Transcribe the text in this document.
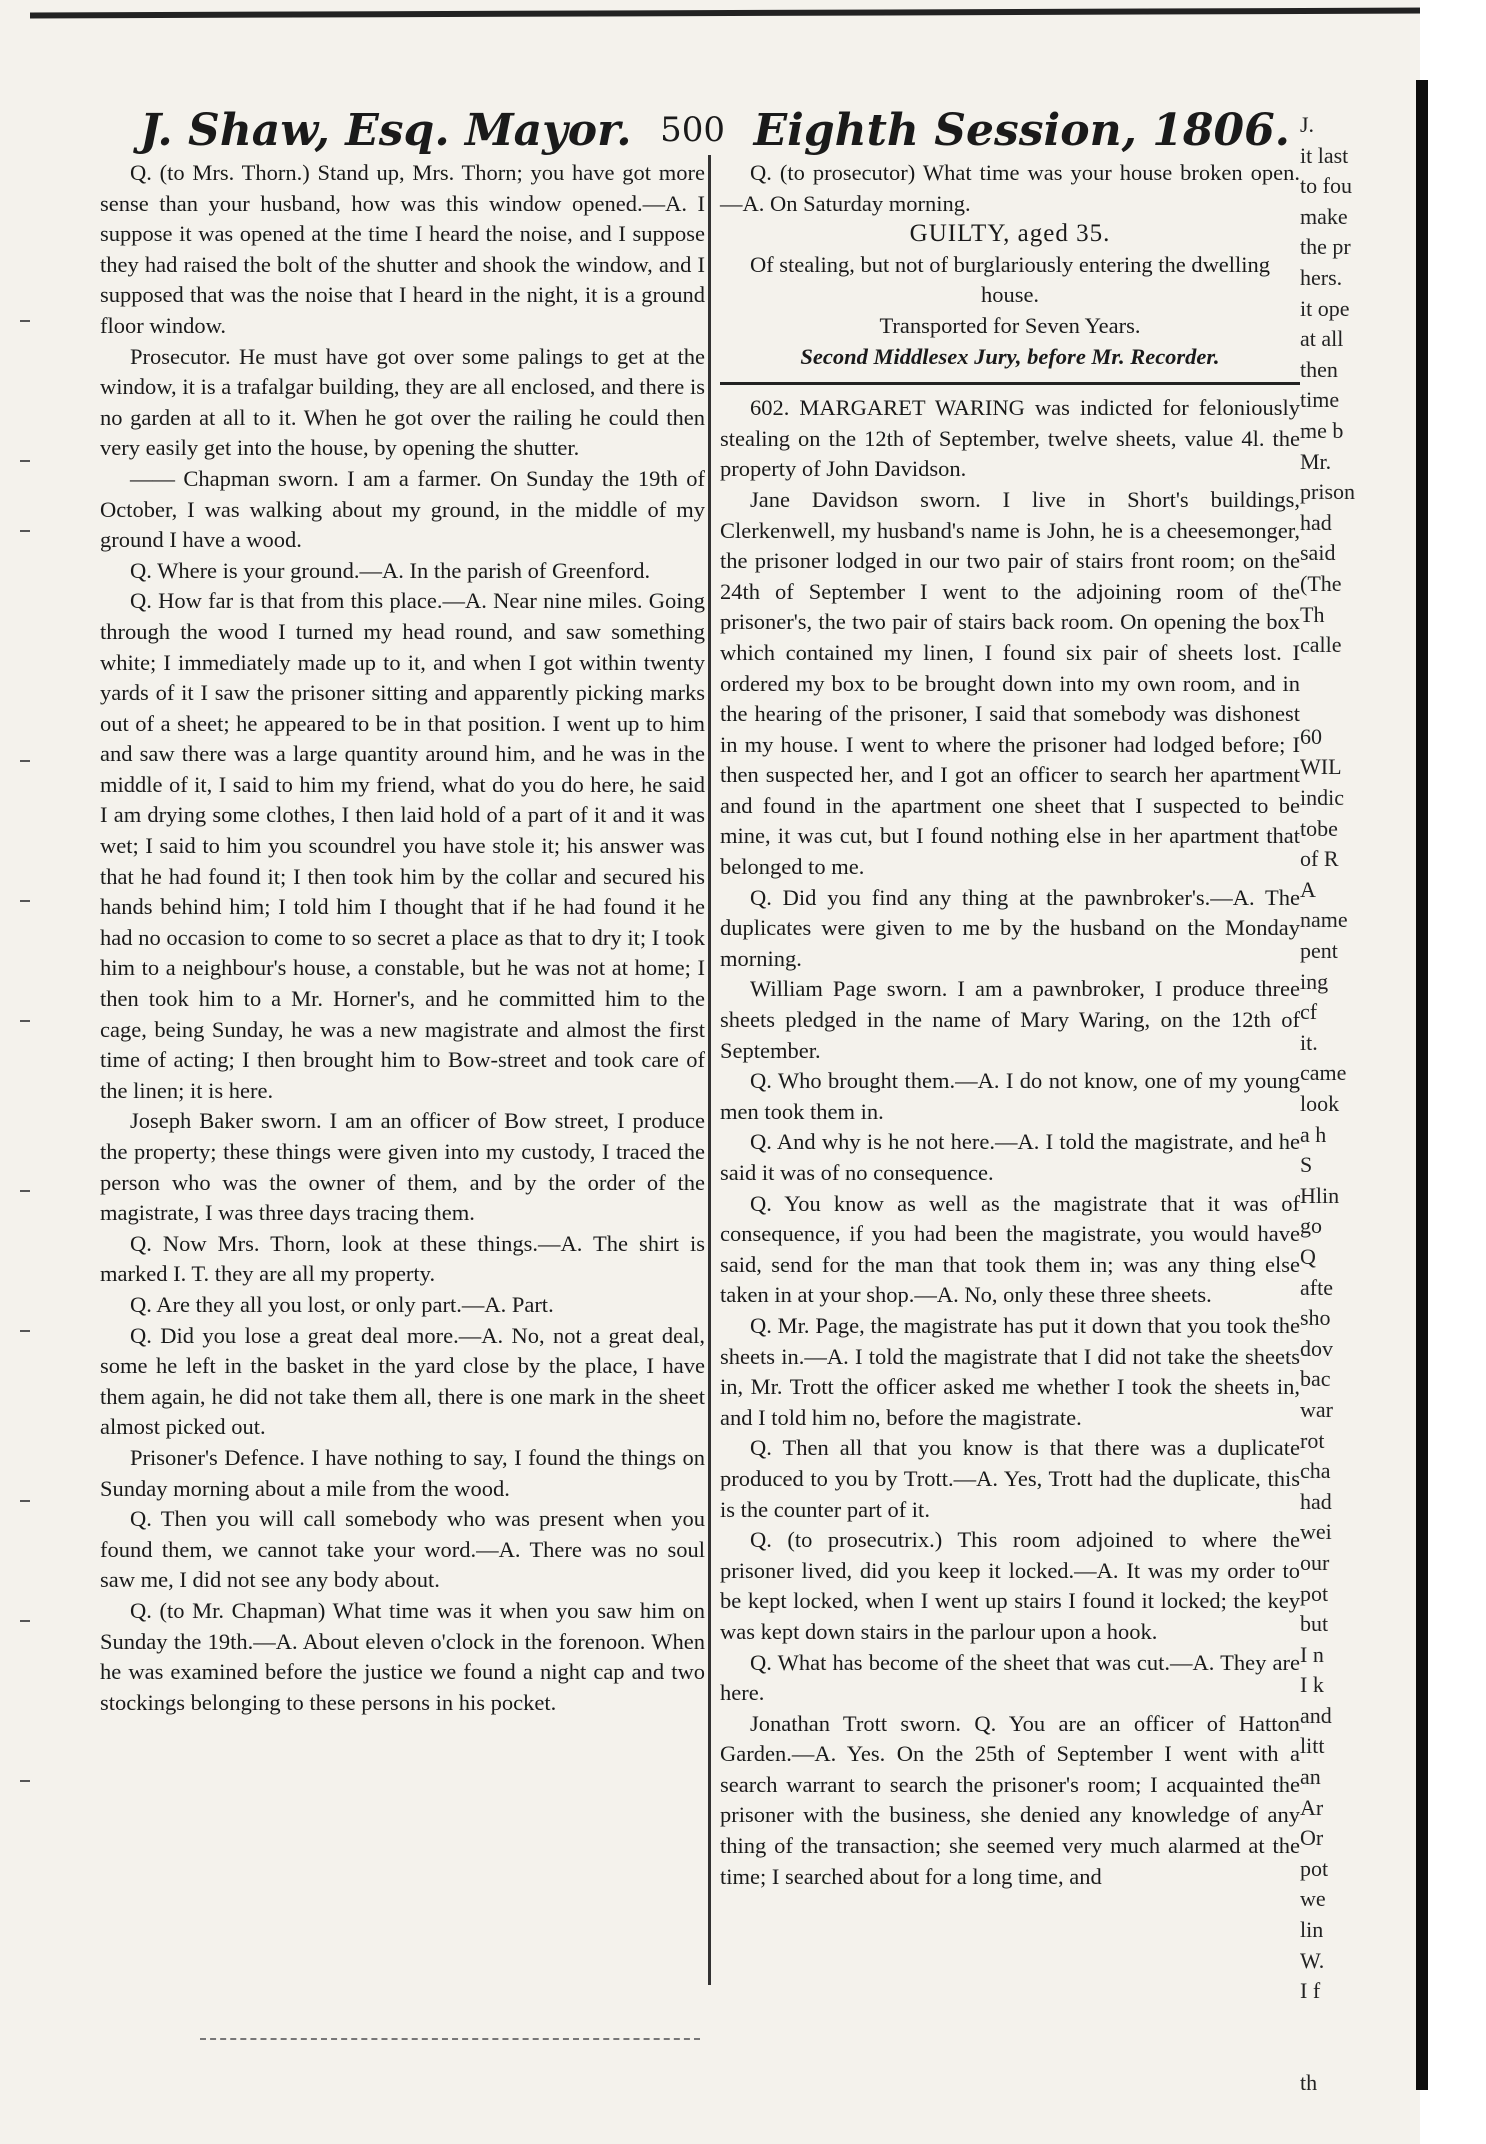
J. Shaw, Esq. Mayor. 500 Eighth Session, 1806.

Q. (to Mrs. Thorn.) Stand up, Mrs. Thorn; you have got more sense than your husband, how was this window opened.—A. I suppose it was opened at the time I heard the noise, and I suppose they had raised the bolt of the shutter and shook the window, and I supposed that was the noise that I heard in the night, it is a ground floor window.

Prosecutor. He must have got over some palings to get at the window, it is a trafalgar building, they are all enclosed, and there is no garden at all to it. When he got over the railing he could then very easily get into the house, by opening the shutter.

—— Chapman sworn. I am a farmer. On Sunday the 19th of October, I was walking about my ground, in the middle of my ground I have a wood.

Q. Where is your ground.—A. In the parish of Greenford.

Q. How far is that from this place.—A. Near nine miles. Going through the wood I turned my head round, and saw something white; I immediately made up to it, and when I got within twenty yards of it I saw the prisoner sitting and apparently picking marks out of a sheet; he appeared to be in that position. I went up to him and saw there was a large quantity around him, and he was in the middle of it, I said to him my friend, what do you do here, he said I am drying some clothes, I then laid hold of a part of it and it was wet; I said to him you scoundrel you have stole it; his answer was that he had found it; I then took him by the collar and secured his hands behind him; I told him I thought that if he had found it he had no occasion to come to so secret a place as that to dry it; I took him to a neighbour's house, a constable, but he was not at home; I then took him to a Mr. Horner's, and he committed him to the cage, being Sunday, he was a new magistrate and almost the first time of acting; I then brought him to Bow-street and took care of the linen; it is here.

Joseph Baker sworn. I am an officer of Bow street, I produce the property; these things were given into my custody, I traced the person who was the owner of them, and by the order of the magistrate, I was three days tracing them.

Q. Now Mrs. Thorn, look at these things.—A. The shirt is marked I. T. they are all my property.

Q. Are they all you lost, or only part.—A. Part.

Q. Did you lose a great deal more.—A. No, not a great deal, some he left in the basket in the yard close by the place, I have them again, he did not take them all, there is one mark in the sheet almost picked out.

Prisoner's Defence. I have nothing to say, I found the things on Sunday morning about a mile from the wood.

Q. Then you will call somebody who was present when you found them, we cannot take your word.—A. There was no soul saw me, I did not see any body about.

Q. (to Mr. Chapman) What time was it when you saw him on Sunday the 19th.—A. About eleven o'clock in the forenoon. When he was examined before the justice we found a night cap and two stockings belonging to these persons in his pocket.

Q. (to prosecutor) What time was your house broken open.—A. On Saturday morning.

GUILTY, aged 35.

Of stealing, but not of burglariously entering the dwelling house.

Transported for Seven Years.

Second Middlesex Jury, before Mr. Recorder.

602. MARGARET WARING was indicted for feloniously stealing on the 12th of September, twelve sheets, value 4l. the property of John Davidson.

Jane Davidson sworn. I live in Short's buildings, Clerkenwell, my husband's name is John, he is a cheesemonger, the prisoner lodged in our two pair of stairs front room; on the 24th of September I went to the adjoining room of the prisoner's, the two pair of stairs back room. On opening the box which contained my linen, I found six pair of sheets lost. I ordered my box to be brought down into my own room, and in the hearing of the prisoner, I said that somebody was dishonest in my house. I went to where the prisoner had lodged before; I then suspected her, and I got an officer to search her apartment and found in the apartment one sheet that I suspected to be mine, it was cut, but I found nothing else in her apartment that belonged to me.

Q. Did you find any thing at the pawnbroker's.—A. The duplicates were given to me by the husband on the Monday morning.

William Page sworn. I am a pawnbroker, I produce three sheets pledged in the name of Mary Waring, on the 12th of September.

Q. Who brought them.—A. I do not know, one of my young men took them in.

Q. And why is he not here.—A. I told the magistrate, and he said it was of no consequence.

Q. You know as well as the magistrate that it was of consequence, if you had been the magistrate, you would have said, send for the man that took them in; was any thing else taken in at your shop.—A. No, only these three sheets.

Q. Mr. Page, the magistrate has put it down that you took the sheets in.—A. I told the magistrate that I did not take the sheets in, Mr. Trott the officer asked me whether I took the sheets in, and I told him no, before the magistrate.

Q. Then all that you know is that there was a duplicate produced to you by Trott.—A. Yes, Trott had the duplicate, this is the counter part of it.

Q. (to prosecutrix.) This room adjoined to where the prisoner lived, did you keep it locked.—A. It was my order to be kept locked, when I went up stairs I found it locked; the key was kept down stairs in the parlour upon a hook.

Q. What has become of the sheet that was cut.—A. They are here.

Jonathan Trott sworn. Q. You are an officer of Hatton Garden.—A. Yes. On the 25th of September I went with a search warrant to search the prisoner's room; I acquainted the prisoner with the business, she denied any knowledge of any thing of the transaction; she seemed very much alarmed at the time; I searched about for a long time, and

J.
it last
to fou
make
the pr
hers.
it ope
at all
then
time
me b
Mr.
prison
had
said
(The
Th
calle

60
WIL
indic
tobe
of R
A
name
pent
ing
cf
it.
came
look
a h
S
Hlin
go
Q
afte
sho
dov
bac
war
rot
cha
had
wei
our
pot
but
I n
I k
and
litt
an
Ar
Or
pot
we
lin
W.
I f

th
